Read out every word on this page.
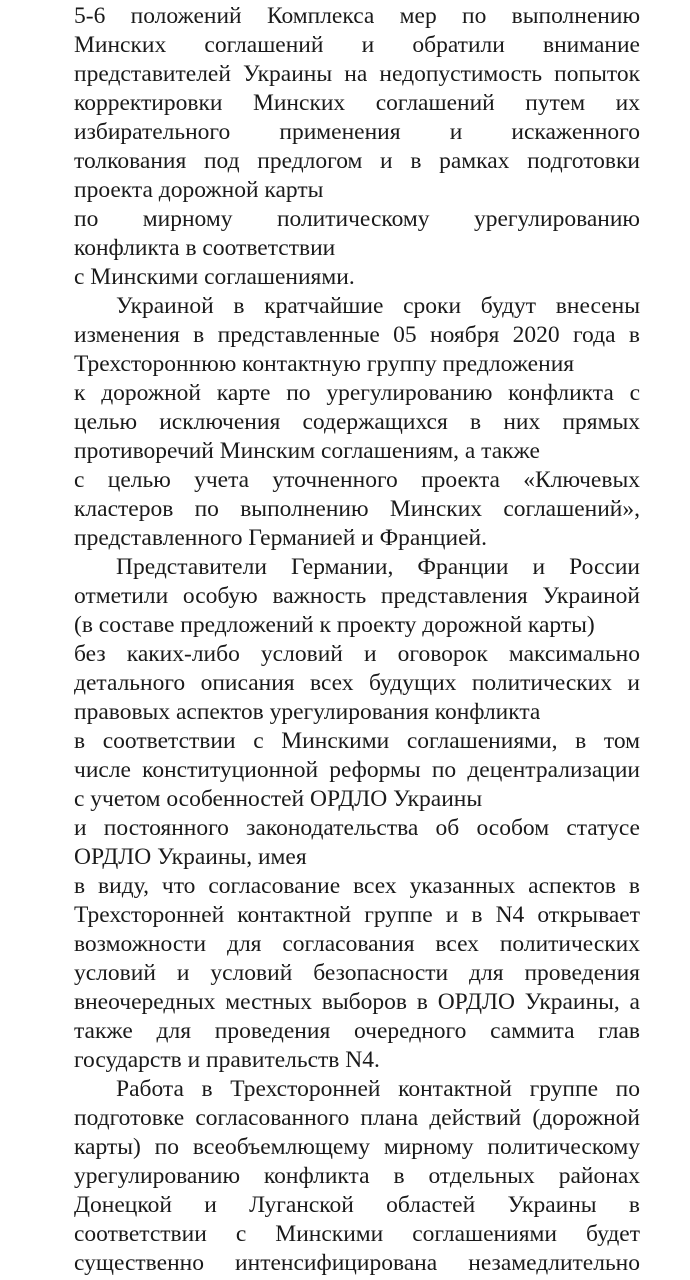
5-6 положений Комплекса мер по выполнению
Минских соглашений и обратили внимание
представителей Украины на недопустимость попыток
корректировки Минских соглашений путем их
избирательного применения и искаженного
толкования под предлогом и в рамках подготовки
проекта дорожной карты
по мирному политическому урегулированию
конфликта в соответствии
с Минскими соглашениями.
Украиной в кратчайшие сроки будут внесены
изменения в представленные 05 ноября 2020 года в
Трехстороннюю контактную группу предложения
к дорожной карте по урегулированию конфликта с
целью исключения содержащихся в них прямых
противоречий Минским соглашениям, а также
с целью учета уточненного проекта «Ключевых
кластеров по выполнению Минских соглашений»,
представленного Германией и Францией.
Представители Германии, Франции и России
отметили особую важность представления Украиной
(в составе предложений к проекту дорожной карты)
без каких-либо условий и оговорок максимально
детального описания всех будущих политических и
правовых аспектов урегулирования конфликта
в соответствии с Минскими соглашениями, в том
числе конституционной реформы по децентрализации
с учетом особенностей ОРДЛО Украины
и постоянного законодательства об особом статусе
ОРДЛО Украины, имея
в виду, что согласование всех указанных аспектов в
Трехсторонней контактной группе и в N4 открывает
возможности для согласования всех политических
условий и условий безопасности для проведения
внеочередных местных выборов в ОРДЛО Украины, а
также для проведения очередного саммита глав
государств и правительств N4.
Работа в Трехсторонней контактной группе по
подготовке согласованного плана действий (дорожной
карты) по всеобъемлющему мирному политическому
урегулированию конфликта в отдельных районах
Донецкой и Луганской областей Украины в
соответствии с Минскими соглашениями будет
существенно интенсифицирована незамедлительно
